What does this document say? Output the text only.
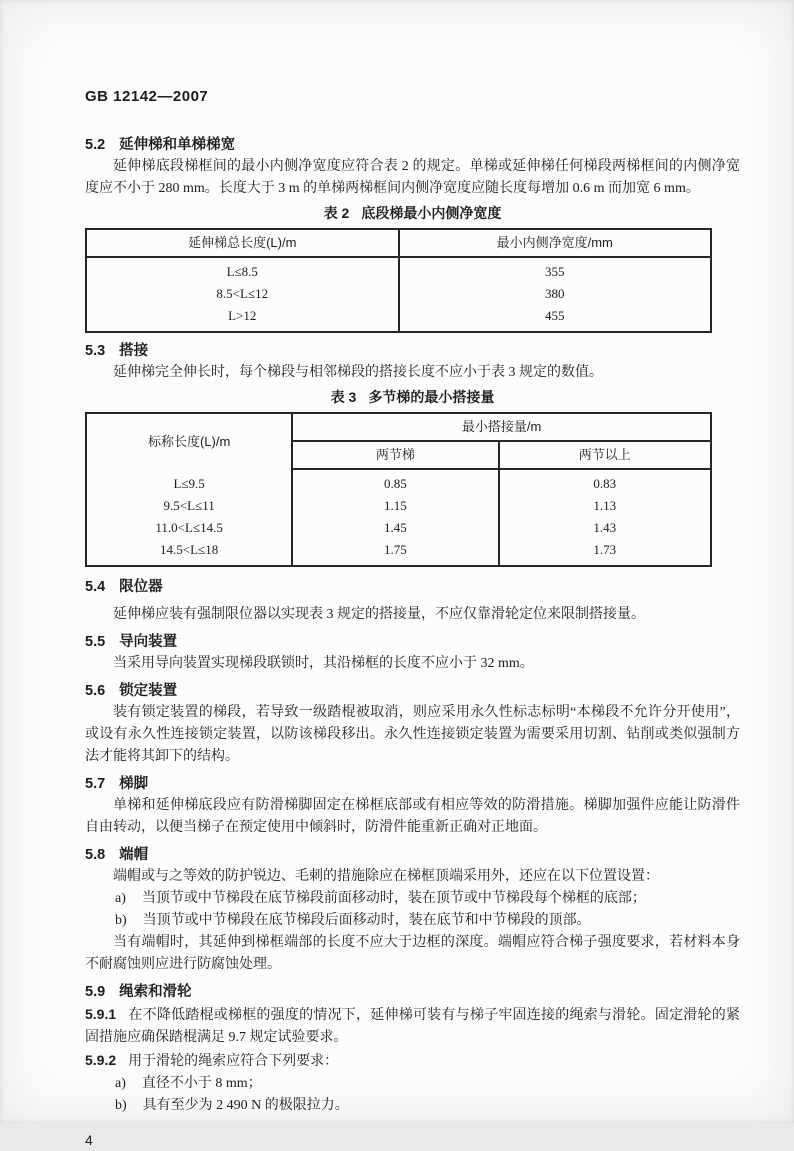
GB 12142—2007
5.2 延伸梯和单梯梯宽

延伸梯底段梯框间的最小内侧净宽度应符合表 2 的规定。单梯或延伸梯任何梯段两梯框间的内侧净宽度应不小于 280 mm。长度大于 3 m 的单梯两梯框间内侧净宽度应随长度每增加 0.6 m 而加宽 6 mm。

表 2 底段梯最小内侧净宽度
延伸梯总长度(L)/m	最小内侧净宽度/mm
L≤8.5	355
8.5<L≤12	380
L>12	455
5.3 搭接

延伸梯完全伸长时，每个梯段与相邻梯段的搭接长度不应小于表 3 规定的数值。

表 3 多节梯的最小搭接量
标称长度(L)/m	最小搭接量/m	
	两节梯	两节以上
L≤9.5	0.85	0.83
9.5<L≤11	1.15	1.13
11.0<L≤14.5	1.45	1.43
14.5<L≤18	1.75	1.73
5.4 限位器

延伸梯应装有强制限位器以实现表 3 规定的搭接量，不应仅靠滑轮定位来限制搭接量。

5.5 导向装置

当采用导向装置实现梯段联锁时，其沿梯框的长度不应小于 32 mm。

5.6 锁定装置

装有锁定装置的梯段，若导致一级踏棍被取消，则应采用永久性标志标明“本梯段不允许分开使用”，或设有永久性连接锁定装置，以防该梯段移出。永久性连接锁定装置为需要采用切割、钻削或类似强制方法才能将其卸下的结构。

5.7 梯脚

单梯和延伸梯底段应有防滑梯脚固定在梯框底部或有相应等效的防滑措施。梯脚加强件应能让防滑件自由转动，以便当梯子在预定使用中倾斜时，防滑件能重新正确对正地面。

5.8 端帽

端帽或与之等效的防护锐边、毛刺的措施除应在梯框顶端采用外，还应在以下位置设置：

a) 当顶节或中节梯段在底节梯段前面移动时，装在顶节或中节梯段每个梯框的底部；

b) 当顶节或中节梯段在底节梯段后面移动时，装在底节和中节梯段的顶部。

当有端帽时，其延伸到梯框端部的长度不应大于边框的深度。端帽应符合梯子强度要求，若材料本身不耐腐蚀则应进行防腐蚀处理。

5.9 绳索和滑轮

5.9.1 在不降低踏棍或梯框的强度的情况下，延伸梯可装有与梯子牢固连接的绳索与滑轮。固定滑轮的紧固措施应确保踏棍满足 9.7 规定试验要求。

5.9.2 用于滑轮的绳索应符合下列要求：

a) 直径不小于 8 mm；

b) 具有至少为 2 490 N 的极限拉力。

4
